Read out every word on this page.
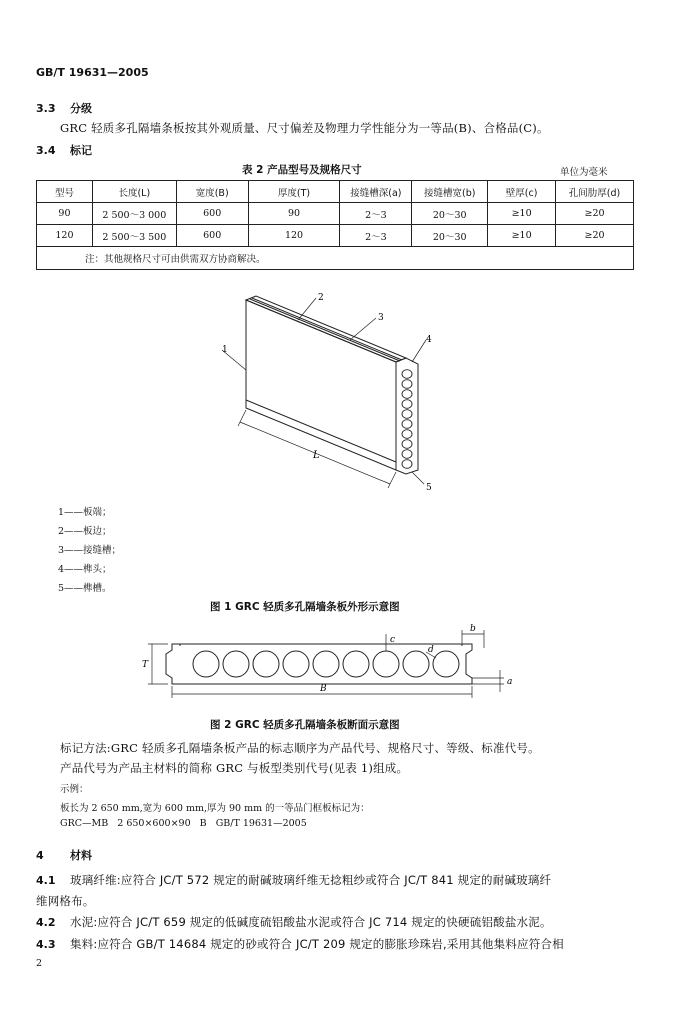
GB/T 19631—2005
3.3 分级
GRC 轻质多孔隔墙条板按其外观质量、尺寸偏差及物理力学性能分为一等品(B)、合格品(C)。
3.4 标记
表 2 产品型号及规格尺寸	单位为毫米
型号	长度(L)	宽度(B)	厚度(T)	接缝槽深(a)	接缝槽宽(b)	壁厚(c)	孔间肋厚(d)
90	2 500～3 000	600	90	2～3	20～30	≥10	≥20
120	2 500～3 500	600	120	2～3	20～30	≥10	≥20
注：其他规格尺寸可由供需双方协商解决。							
1
2
3
4
5
L
1——板端；
2——板边；
3——接缝槽；
4——榫头；
5——榫槽。
图 1 GRC 轻质多孔隔墙条板外形示意图
T
b
c
d
a
B
图 2 GRC 轻质多孔隔墙条板断面示意图
标记方法:GRC 轻质多孔隔墙条板产品的标志顺序为产品代号、规格尺寸、等级、标准代号。
产品代号为产品主材料的简称 GRC 与板型类别代号(见表 1)组成。
示例：
板长为 2 650 mm,宽为 600 mm,厚为 90 mm 的一等品门框板标记为：
GRC—MB   2 650×600×90   B   GB/T 19631—2005
4 材料
4.1 玻璃纤维:应符合 JC/T 572 规定的耐碱玻璃纤维无捻粗纱或符合 JC/T 841 规定的耐碱玻璃纤
维网格布。
4.2 水泥:应符合 JC/T 659 规定的低碱度硫铝酸盐水泥或符合 JC 714 规定的快硬硫铝酸盐水泥。
4.3 集料:应符合 GB/T 14684 规定的砂或符合 JC/T 209 规定的膨胀珍珠岩,采用其他集料应符合相
2
